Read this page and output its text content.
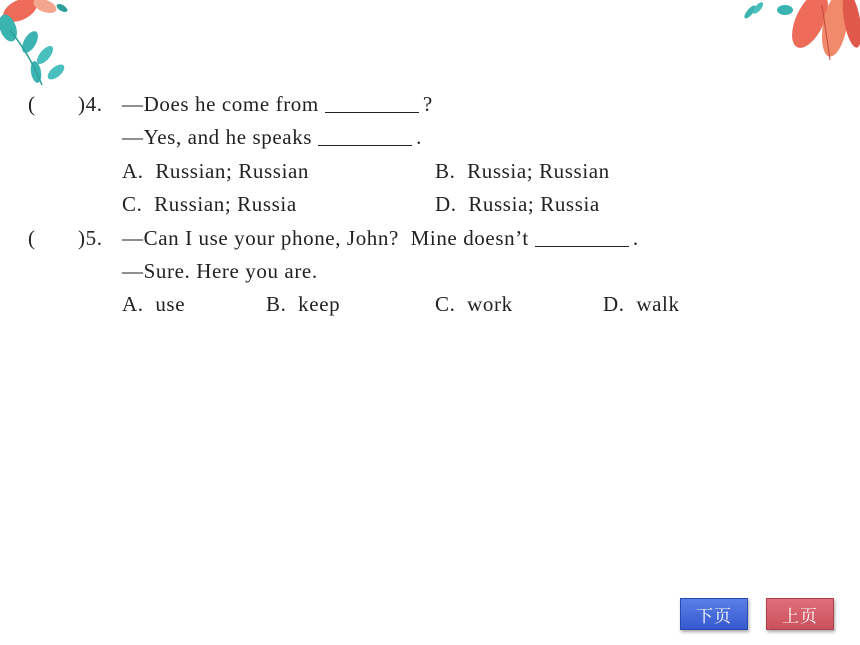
( )4. —Does he come from	?
—Yes, and he speaks	.
A. Russian; Russian	B. Russia; Russian
C. Russian; Russia	D. Russia; Russia
( )5. —Can I use your phone, John?  Mine doesn’t	.
—Sure. Here you are.
A. use	B. keep	C. work	D. walk
下页	上页
